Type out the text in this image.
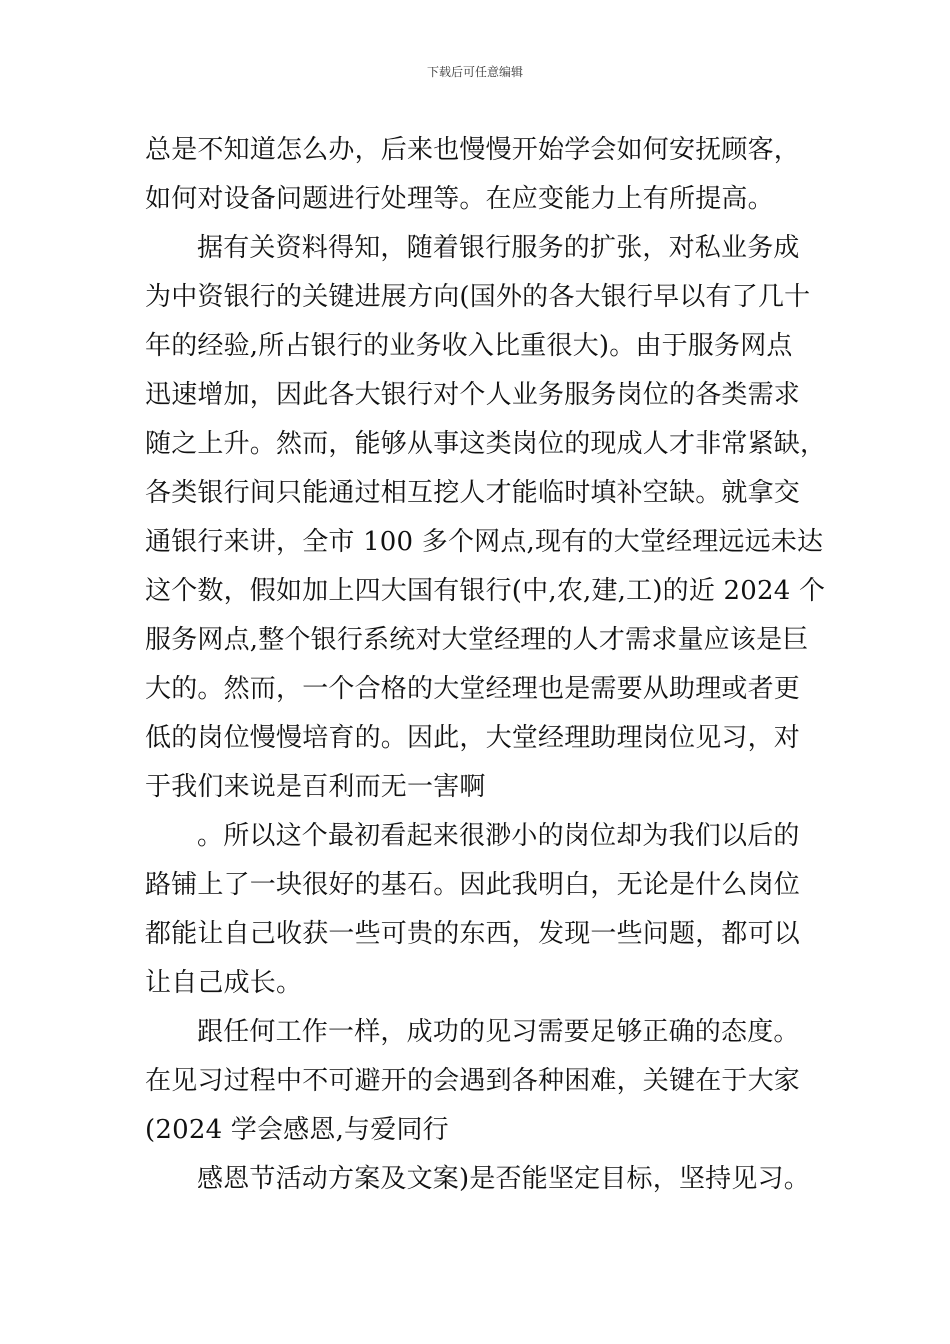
下载后可任意编辑
总是不知道怎么办，后来也慢慢开始学会如何安抚顾客，
如何对设备问题进行处理等。在应变能力上有所提高。
据有关资料得知，随着银行服务的扩张，对私业务成
为中资银行的关键进展方向(国外的各大银行早以有了几十
年的经验,所占银行的业务收入比重很大)。由于服务网点
迅速增加，因此各大银行对个人业务服务岗位的各类需求
随之上升。然而，能够从事这类岗位的现成人才非常紧缺，
各类银行间只能通过相互挖人才能临时填补空缺。就拿交
通银行来讲，全市 100 多个网点,现有的大堂经理远远未达
这个数，假如加上四大国有银行(中,农,建,工)的近 2024 个
服务网点,整个银行系统对大堂经理的人才需求量应该是巨
大的。然而，一个合格的大堂经理也是需要从助理或者更
低的岗位慢慢培育的。因此，大堂经理助理岗位见习，对
于我们来说是百利而无一害啊
。所以这个最初看起来很渺小的岗位却为我们以后的
路铺上了一块很好的基石。因此我明白，无论是什么岗位
都能让自己收获一些可贵的东西，发现一些问题，都可以
让自己成长。
跟任何工作一样，成功的见习需要足够正确的态度。
在见习过程中不可避开的会遇到各种困难，关键在于大家
(2024 学会感恩,与爱同行
感恩节活动方案及文案)是否能坚定目标，坚持见习。
